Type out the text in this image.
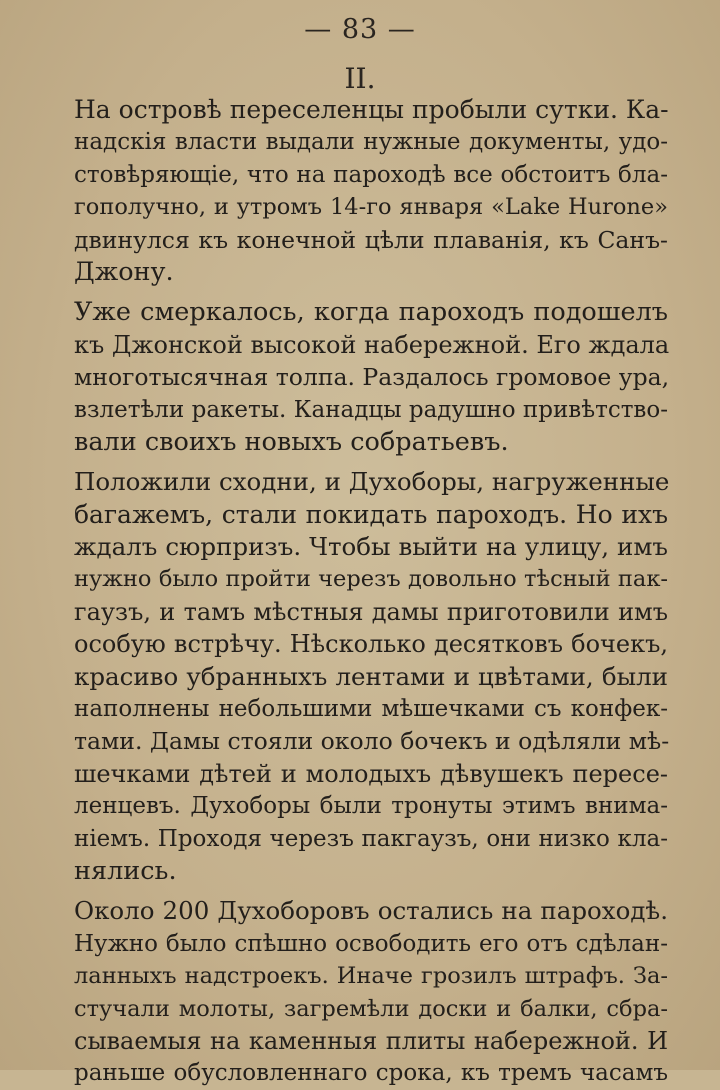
— 83 —
II.
На островѣ переселенцы пробыли сутки. Ка-
надскія власти выдали нужные документы, удо-
стовѣряющіе, что на пароходѣ все обстоитъ бла-
гополучно, и утромъ 14-го января «Lake Hurone»
двинулся къ конечной цѣли плаванія, къ Санъ-
Джону.
Уже смеркалось, когда пароходъ подошелъ
къ Джонской высокой набережной. Его ждала
многотысячная толпа. Раздалось громовое ура,
взлетѣли ракеты. Канадцы радушно привѣтство-
вали своихъ новыхъ собратьевъ.
Положили сходни, и Духоборы, нагруженные
багажемъ, стали покидать пароходъ. Но ихъ
ждалъ сюрпризъ. Чтобы выйти на улицу, имъ
нужно было пройти черезъ довольно тѣсный пак-
гаузъ, и тамъ мѣстныя дамы приготовили имъ
особую встрѣчу. Нѣсколько десятковъ бочекъ,
красиво убранныхъ лентами и цвѣтами, были
наполнены небольшими мѣшечками съ конфек-
тами. Дамы стояли около бочекъ и одѣляли мѣ-
шечками дѣтей и молодыхъ дѣвушекъ пересе-
ленцевъ. Духоборы были тронуты этимъ внима-
ніемъ. Проходя черезъ пакгаузъ, они низко кла-
нялись.
Около 200 Духоборовъ остались на пароходѣ.
Нужно было спѣшно освободить его отъ сдѣлан-
ланныхъ надстроекъ. Иначе грозилъ штрафъ. За-
стучали молоты, загремѣли доски и балки, сбра-
сываемыя на каменныя плиты набережной. И
раньше обусловленнаго срока, къ тремъ часамъ
